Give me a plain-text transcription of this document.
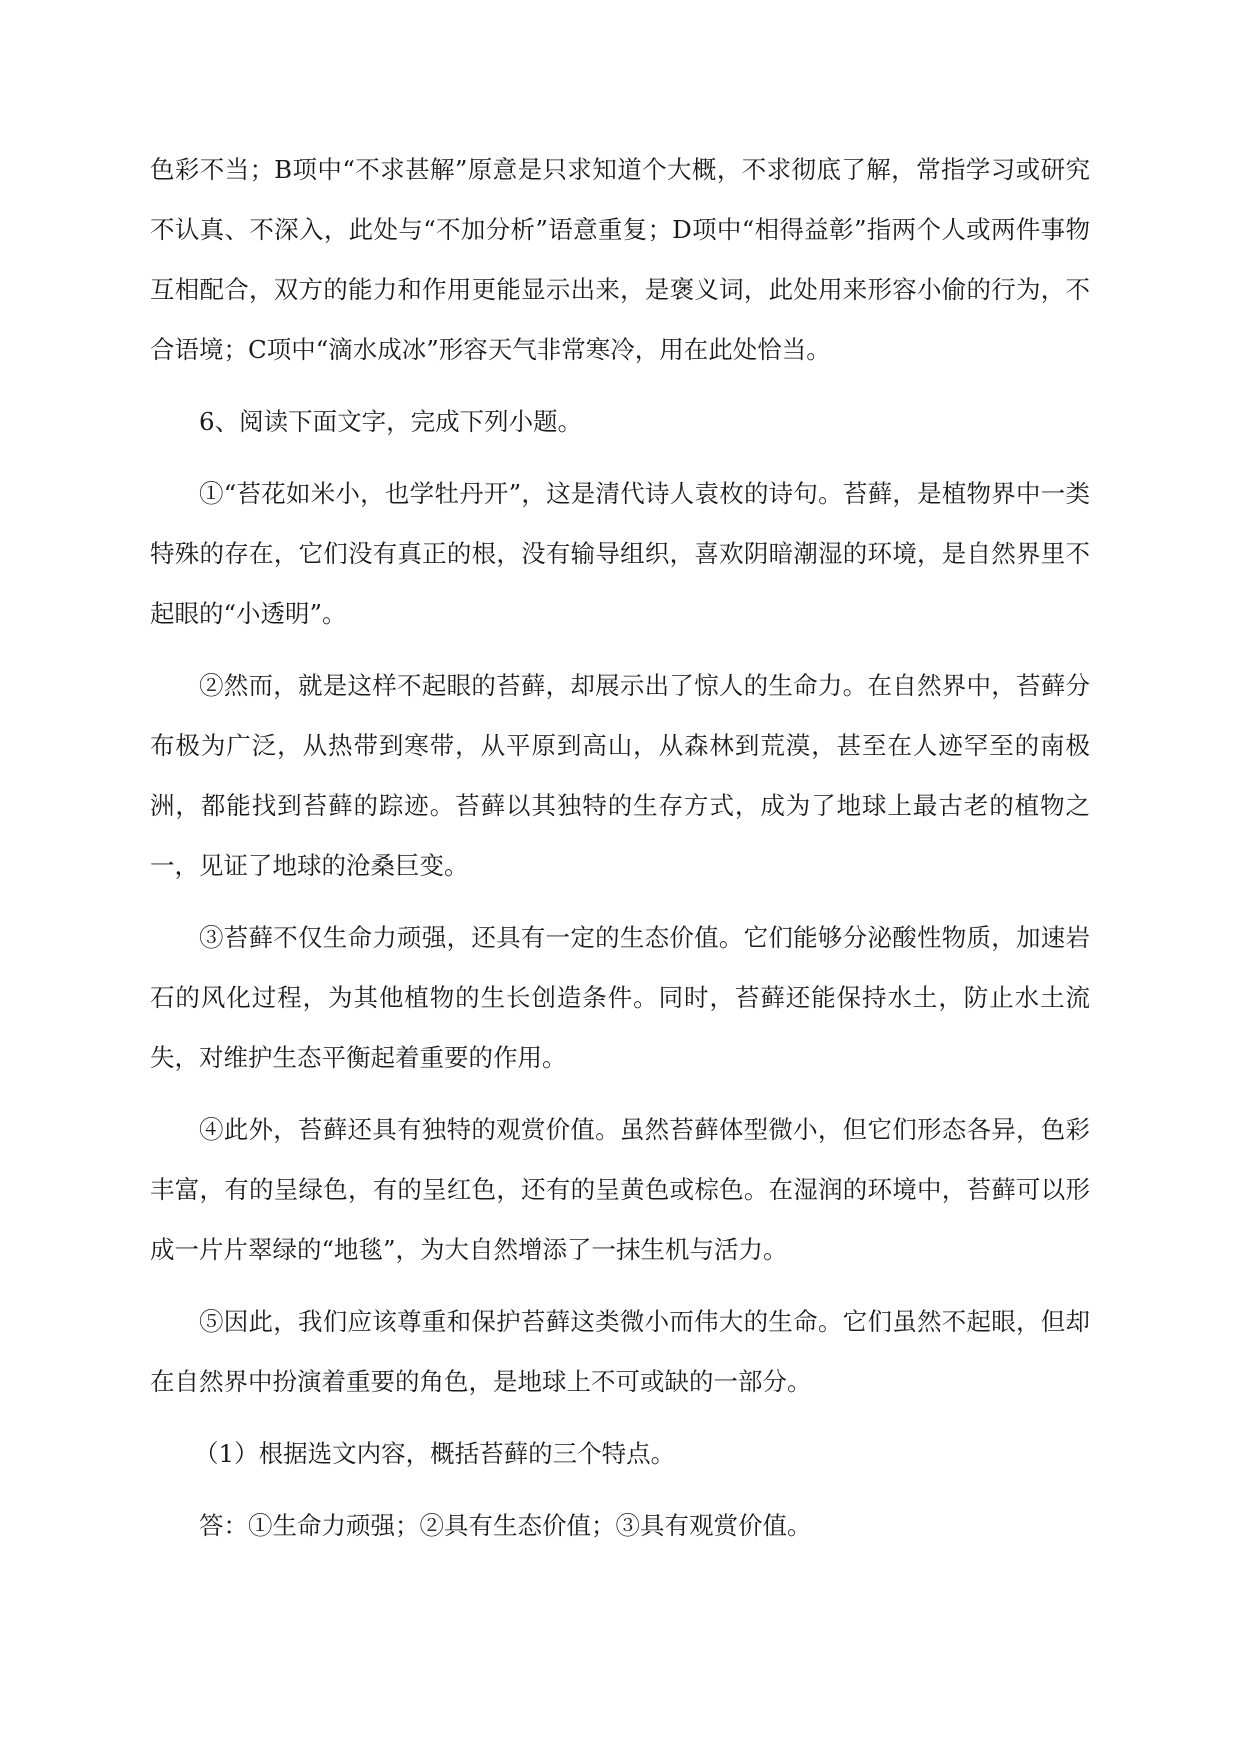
色彩不当；B项中“不求甚解”原意是只求知道个大概，不求彻底了解，常指学习或研究不认真、不深入，此处与“不加分析”语意重复；D项中“相得益彰”指两个人或两件事物互相配合，双方的能力和作用更能显示出来，是褒义词，此处用来形容小偷的行为，不合语境；C项中“滴水成冰”形容天气非常寒冷，用在此处恰当。

6、阅读下面文字，完成下列小题。

①“苔花如米小，也学牡丹开”，这是清代诗人袁枚的诗句。苔藓，是植物界中一类特殊的存在，它们没有真正的根，没有输导组织，喜欢阴暗潮湿的环境，是自然界里不起眼的“小透明”。

②然而，就是这样不起眼的苔藓，却展示出了惊人的生命力。在自然界中，苔藓分布极为广泛，从热带到寒带，从平原到高山，从森林到荒漠，甚至在人迹罕至的南极洲，都能找到苔藓的踪迹。苔藓以其独特的生存方式，成为了地球上最古老的植物之一，见证了地球的沧桑巨变。

③苔藓不仅生命力顽强，还具有一定的生态价值。它们能够分泌酸性物质，加速岩石的风化过程，为其他植物的生长创造条件。同时，苔藓还能保持水土，防止水土流失，对维护生态平衡起着重要的作用。

④此外，苔藓还具有独特的观赏价值。虽然苔藓体型微小，但它们形态各异，色彩丰富，有的呈绿色，有的呈红色，还有的呈黄色或棕色。在湿润的环境中，苔藓可以形成一片片翠绿的“地毯”，为大自然增添了一抹生机与活力。

⑤因此，我们应该尊重和保护苔藓这类微小而伟大的生命。它们虽然不起眼，但却在自然界中扮演着重要的角色，是地球上不可或缺的一部分。

（1）根据选文内容，概括苔藓的三个特点。

答：①生命力顽强；②具有生态价值；③具有观赏价值。
